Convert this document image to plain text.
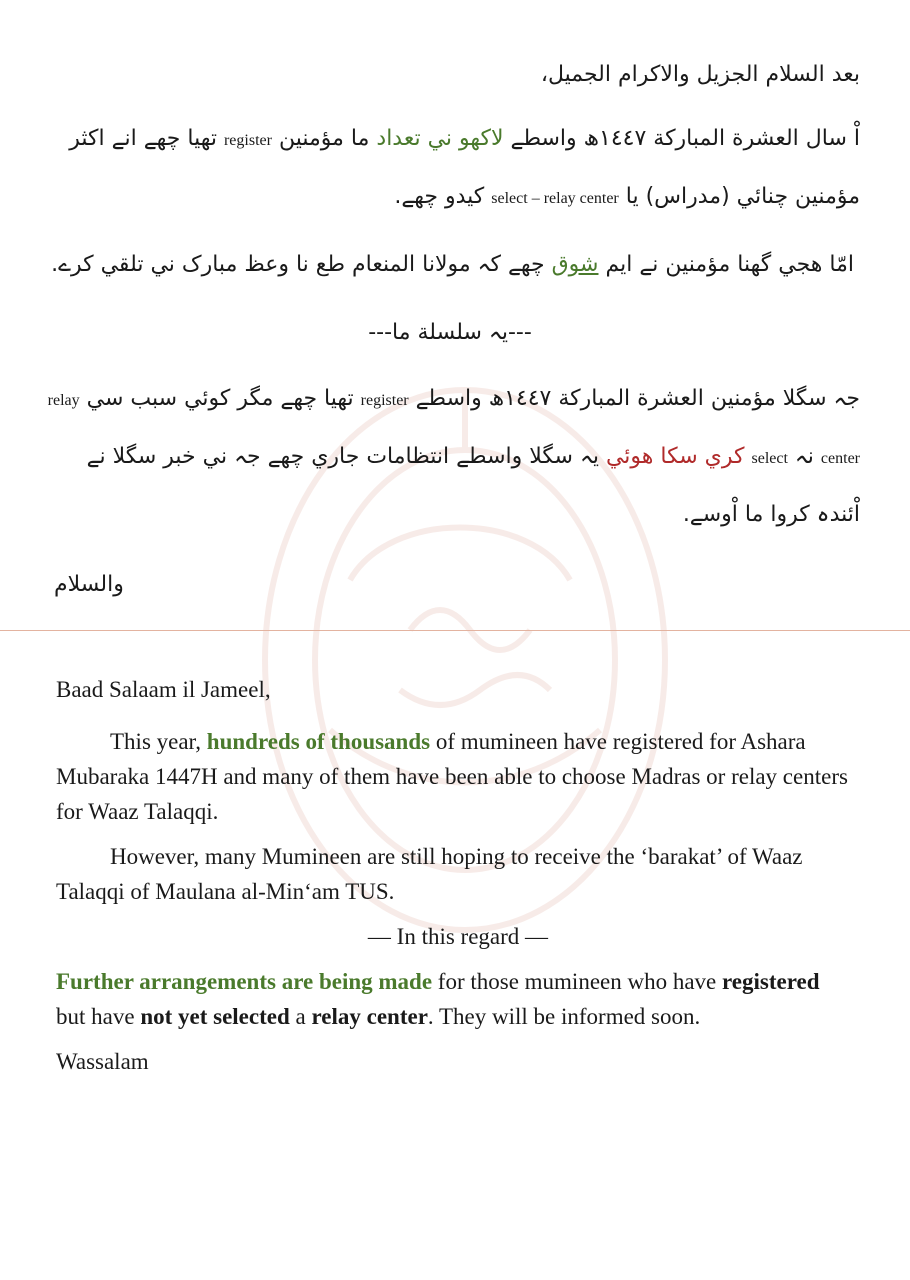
بعد السلام الجزيل والاكرام الجميل،

اْ سال العشرة المباركة ١٤٤٧ھ واسطے لاکھو ني تعداد ما مؤمنين register تھيا چھے انے اکثر مؤمنين چنائي (مدراس) يا relay center – select کيدو چھے.

امّا ھجي گھنا مؤمنين نے ايم شوق چھے کہ مولانا المنعام طع نا وعظ مبارک ني تلقي کرے.

---يہ سلسلة ما---

جہ سگلا مؤمنين العشرة المباركة ١٤٤٧ھ واسطے register تھيا چھے مگر کوئي سبب سي relay center نہ select کري سکا ھوئي يہ سگلا واسطے انتظامات جاري چھے جہ ني خبر سگلا نے اْئندہ کروا ما اْوسے.

والسلام

Baad Salaam il Jameel,

This year, hundreds of thousands of mumineen have registered for Ashara Mubaraka 1447H and many of them have been able to choose Madras or relay centers for Waaz Talaqqi.

However, many Mumineen are still hoping to receive the ‘barakat’ of Waaz Talaqqi of Maulana al-Min‘am TUS.

— In this regard —

Further arrangements are being made for those mumineen who have registered but have not yet selected a relay center. They will be informed soon.

Wassalam
